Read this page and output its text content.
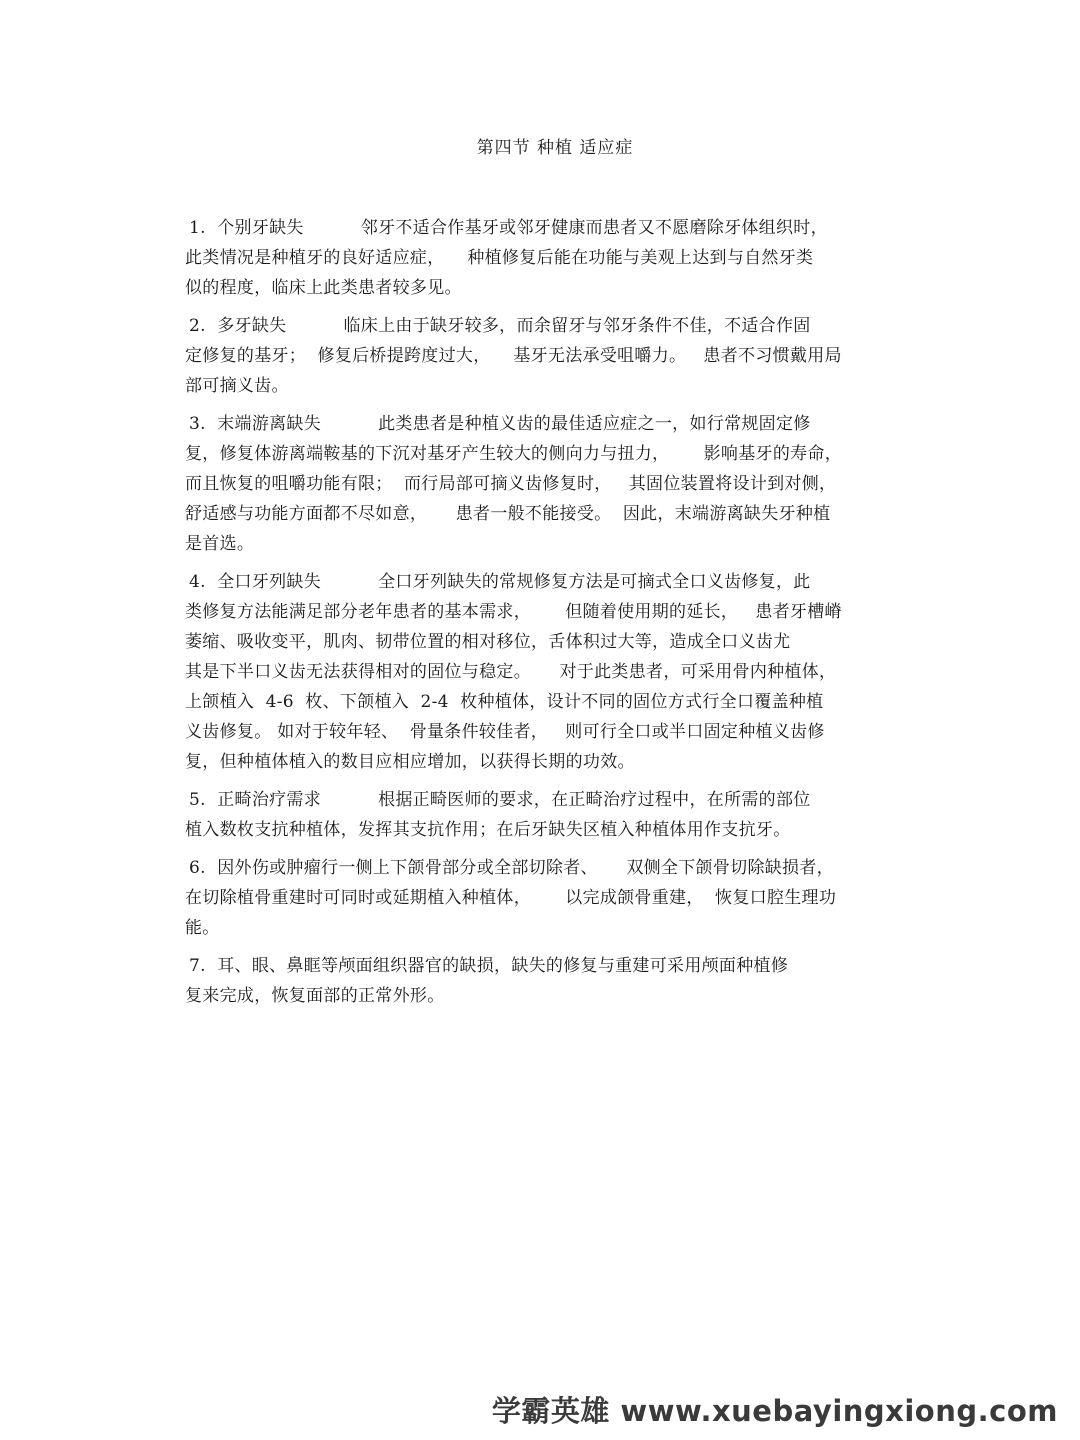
第四节 种植 适应症
1.  个别牙缺失          邻牙不适合作基牙或邻牙健康而患者又不愿磨除牙体组织时，
此类情况是种植牙的良好适应症，    种植修复后能在功能与美观上达到与自然牙类
似的程度，临床上此类患者较多见。
2.  多牙缺失          临床上由于缺牙较多，而余留牙与邻牙条件不佳，不适合作固
定修复的基牙；  修复后桥提跨度过大，    基牙无法承受咀嚼力。   患者不习惯戴用局
部可摘义齿。
3.  末端游离缺失          此类患者是种植义齿的最佳适应症之一，如行常规固定修
复，修复体游离端鞍基的下沉对基牙产生较大的侧向力与扭力，      影响基牙的寿命，
而且恢复的咀嚼功能有限；  而行局部可摘义齿修复时，   其固位装置将设计到对侧，
舒适感与功能方面都不尽如意，     患者一般不能接受。  因此，末端游离缺失牙种植
是首选。
4.  全口牙列缺失          全口牙列缺失的常规修复方法是可摘式全口义齿修复，此
类修复方法能满足部分老年患者的基本需求，      但随着使用期的延长，   患者牙槽嵴
萎缩、吸收变平，肌肉、韧带位置的相对移位，舌体积过大等，造成全口义齿尤
其是下半口义齿无法获得相对的固位与稳定。     对于此类患者，可采用骨内种植体，
上颌植入  4-6  枚、下颌植入  2-4  枚种植体，设计不同的固位方式行全口覆盖种植
义齿修复。 如对于较年轻、  骨量条件较佳者，   则可行全口或半口固定种植义齿修
复，但种植体植入的数目应相应增加，以获得长期的功效。
5.  正畸治疗需求          根据正畸医师的要求，在正畸治疗过程中，在所需的部位
植入数枚支抗种植体，发挥其支抗作用；在后牙缺失区植入种植体用作支抗牙。
6.  因外伤或肿瘤行一侧上下颌骨部分或全部切除者、     双侧全下颌骨切除缺损者，
在切除植骨重建时可同时或延期植入种植体，      以完成颌骨重建，  恢复口腔生理功
能。
7.  耳、眼、鼻眶等颅面组织器官的缺损，缺失的修复与重建可采用颅面种植修
复来完成，恢复面部的正常外形。
学霸英雄 www.xuebayingxiong.com
